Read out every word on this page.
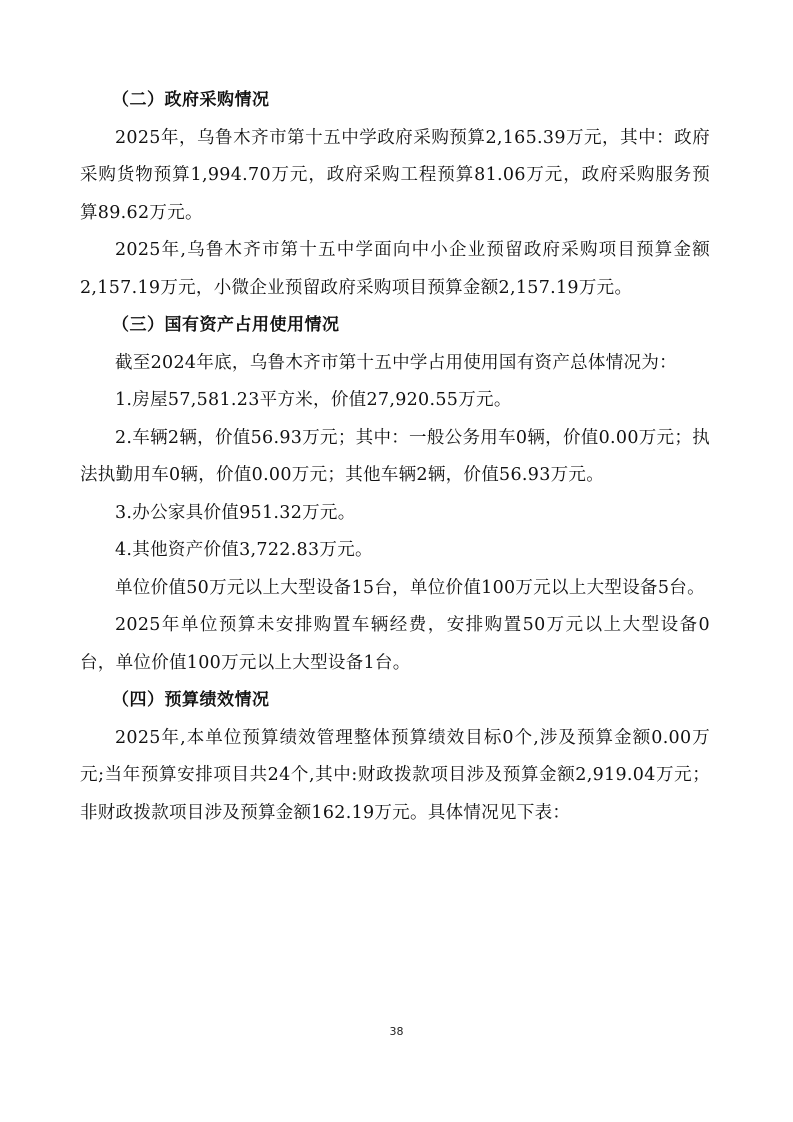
（二）政府采购情况

2025年，乌鲁木齐市第十五中学政府采购预算2,165.39万元，其中：政府采购货物预算1,994.70万元，政府采购工程预算81.06万元，政府采购服务预算89.62万元。

2025年,乌鲁木齐市第十五中学面向中小企业预留政府采购项目预算金额2,157.19万元，小微企业预留政府采购项目预算金额2,157.19万元。

（三）国有资产占用使用情况

截至2024年底，乌鲁木齐市第十五中学占用使用国有资产总体情况为：

1.房屋57,581.23平方米，价值27,920.55万元。

2.车辆2辆，价值56.93万元；其中：一般公务用车0辆，价值0.00万元；执法执勤用车0辆，价值0.00万元；其他车辆2辆，价值56.93万元。

3.办公家具价值951.32万元。

4.其他资产价值3,722.83万元。

单位价值50万元以上大型设备15台，单位价值100万元以上大型设备5台。

2025年单位预算未安排购置车辆经费，安排购置50万元以上大型设备0台，单位价值100万元以上大型设备1台。

（四）预算绩效情况

2025年,本单位预算绩效管理整体预算绩效目标0个,涉及预算金额0.00万元;当年预算安排项目共24个,其中:财政拨款项目涉及预算金额2,919.04万元；非财政拨款项目涉及预算金额162.19万元。具体情况见下表：

38
